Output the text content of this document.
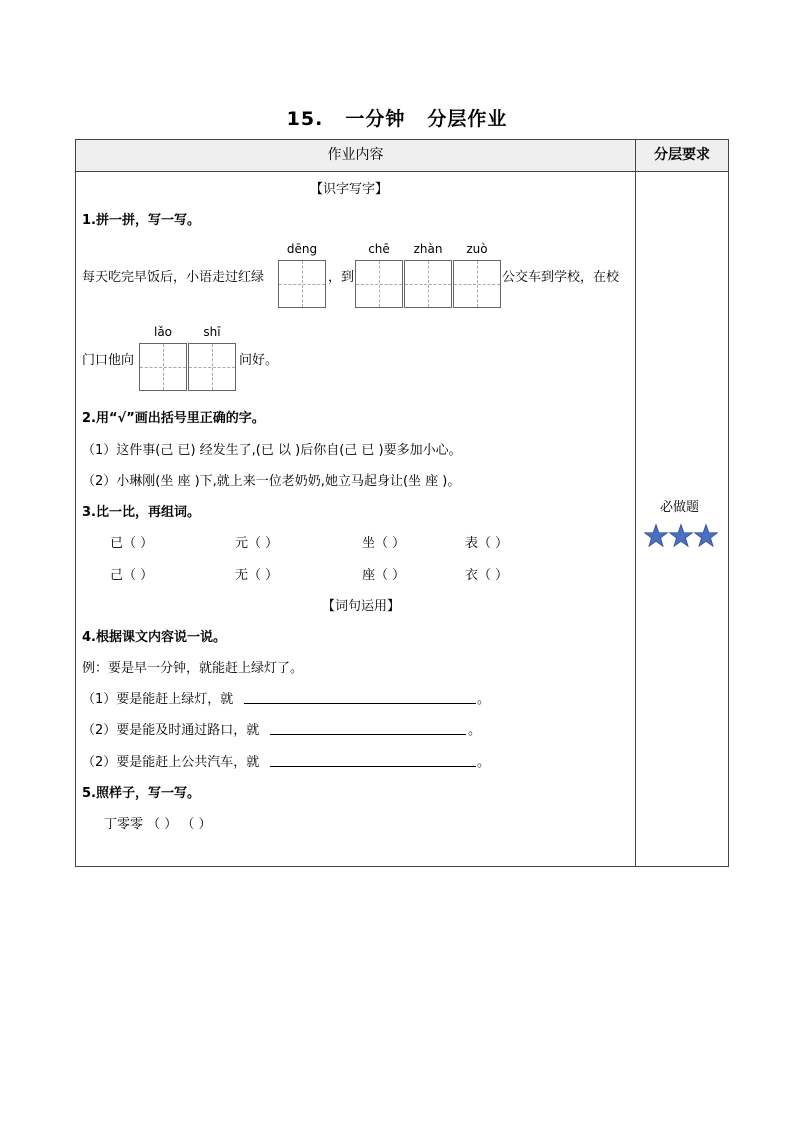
15. 一分钟 分层作业
作业内容	分层要求
【识字写字】
1.拼一拼，写一写。
dēng	chē	zhàn	zuò
每天吃完早饭后，小语走过红绿	，到	公交车到学校，在校
lǎo	shī
门口他向	问好。
2.用“√”画出括号里正确的字。
（1）这件事(己 已) 经发生了,(已 以 )后你自(己 已 )要多加小心。
（2）小琳刚(坐 座 )下,就上来一位老奶奶,她立马起身让(坐 座 )。
3.比一比，再组词。
已（ ）	元（ ）	坐（ ）	表（ ）
己（ ）	无（ ）	座（ ）	衣（ ）
【词句运用】
4.根据课文内容说一说。
例：要是早一分钟，就能赶上绿灯了。
（1）要是能赶上绿灯，就	。
（2）要是能及时通过路口，就	。
（2）要是能赶上公共汽车，就	。
5.照样子，写一写。
丁零零 （ ） （ ）
必做题
